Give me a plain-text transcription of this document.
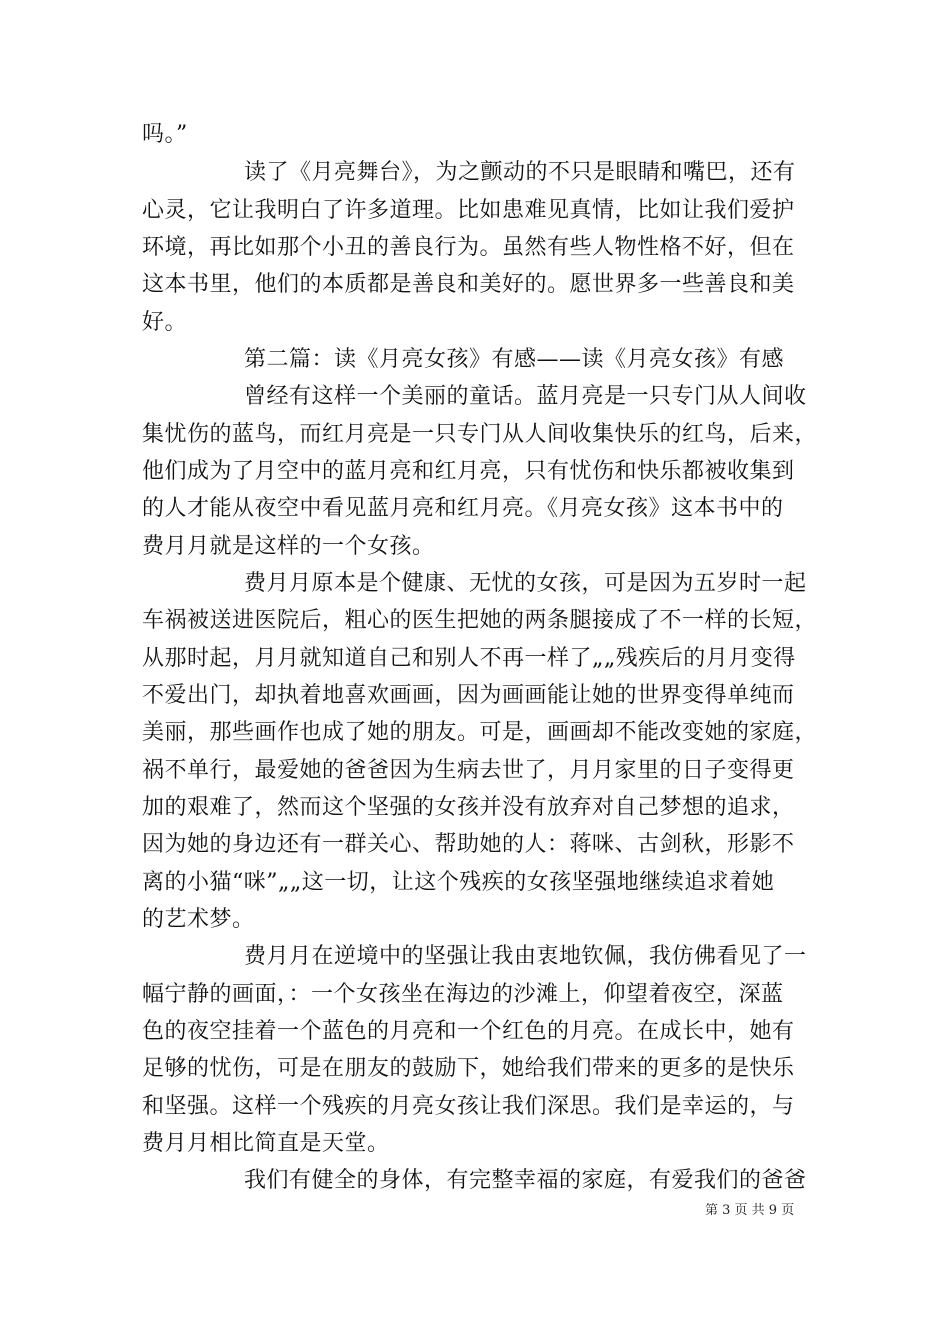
吗。”
读了《月亮舞台》，为之颤动的不只是眼睛和嘴巴，还有
心灵，它让我明白了许多道理。比如患难见真情，比如让我们爱护
环境，再比如那个小丑的善良行为。虽然有些人物性格不好，但在
这本书里，他们的本质都是善良和美好的。愿世界多一些善良和美
好。
第二篇：读《月亮女孩》有感——读《月亮女孩》有感
曾经有这样一个美丽的童话。蓝月亮是一只专门从人间收
集忧伤的蓝鸟，而红月亮是一只专门从人间收集快乐的红鸟，后来，
他们成为了月空中的蓝月亮和红月亮，只有忧伤和快乐都被收集到
的人才能从夜空中看见蓝月亮和红月亮。《月亮女孩》这本书中的
费月月就是这样的一个女孩。
费月月原本是个健康、无忧的女孩，可是因为五岁时一起
车祸被送进医院后，粗心的医生把她的两条腿接成了不一样的长短，
从那时起，月月就知道自己和别人不再一样了„„残疾后的月月变得
不爱出门，却执着地喜欢画画，因为画画能让她的世界变得单纯而
美丽，那些画作也成了她的朋友。可是，画画却不能改变她的家庭，
祸不单行，最爱她的爸爸因为生病去世了，月月家里的日子变得更
加的艰难了，然而这个坚强的女孩并没有放弃对自己梦想的追求，
因为她的身边还有一群关心、帮助她的人：蒋咪、古剑秋，形影不
离的小猫“咪”„„这一切，让这个残疾的女孩坚强地继续追求着她
的艺术梦。
费月月在逆境中的坚强让我由衷地钦佩，我仿佛看见了一
幅宁静的画面，：一个女孩坐在海边的沙滩上，仰望着夜空，深蓝
色的夜空挂着一个蓝色的月亮和一个红色的月亮。在成长中，她有
足够的忧伤，可是在朋友的鼓励下，她给我们带来的更多的是快乐
和坚强。这样一个残疾的月亮女孩让我们深思。我们是幸运的，与
费月月相比简直是天堂。
我们有健全的身体，有完整幸福的家庭，有爱我们的爸爸
第 3 页 共 9 页
